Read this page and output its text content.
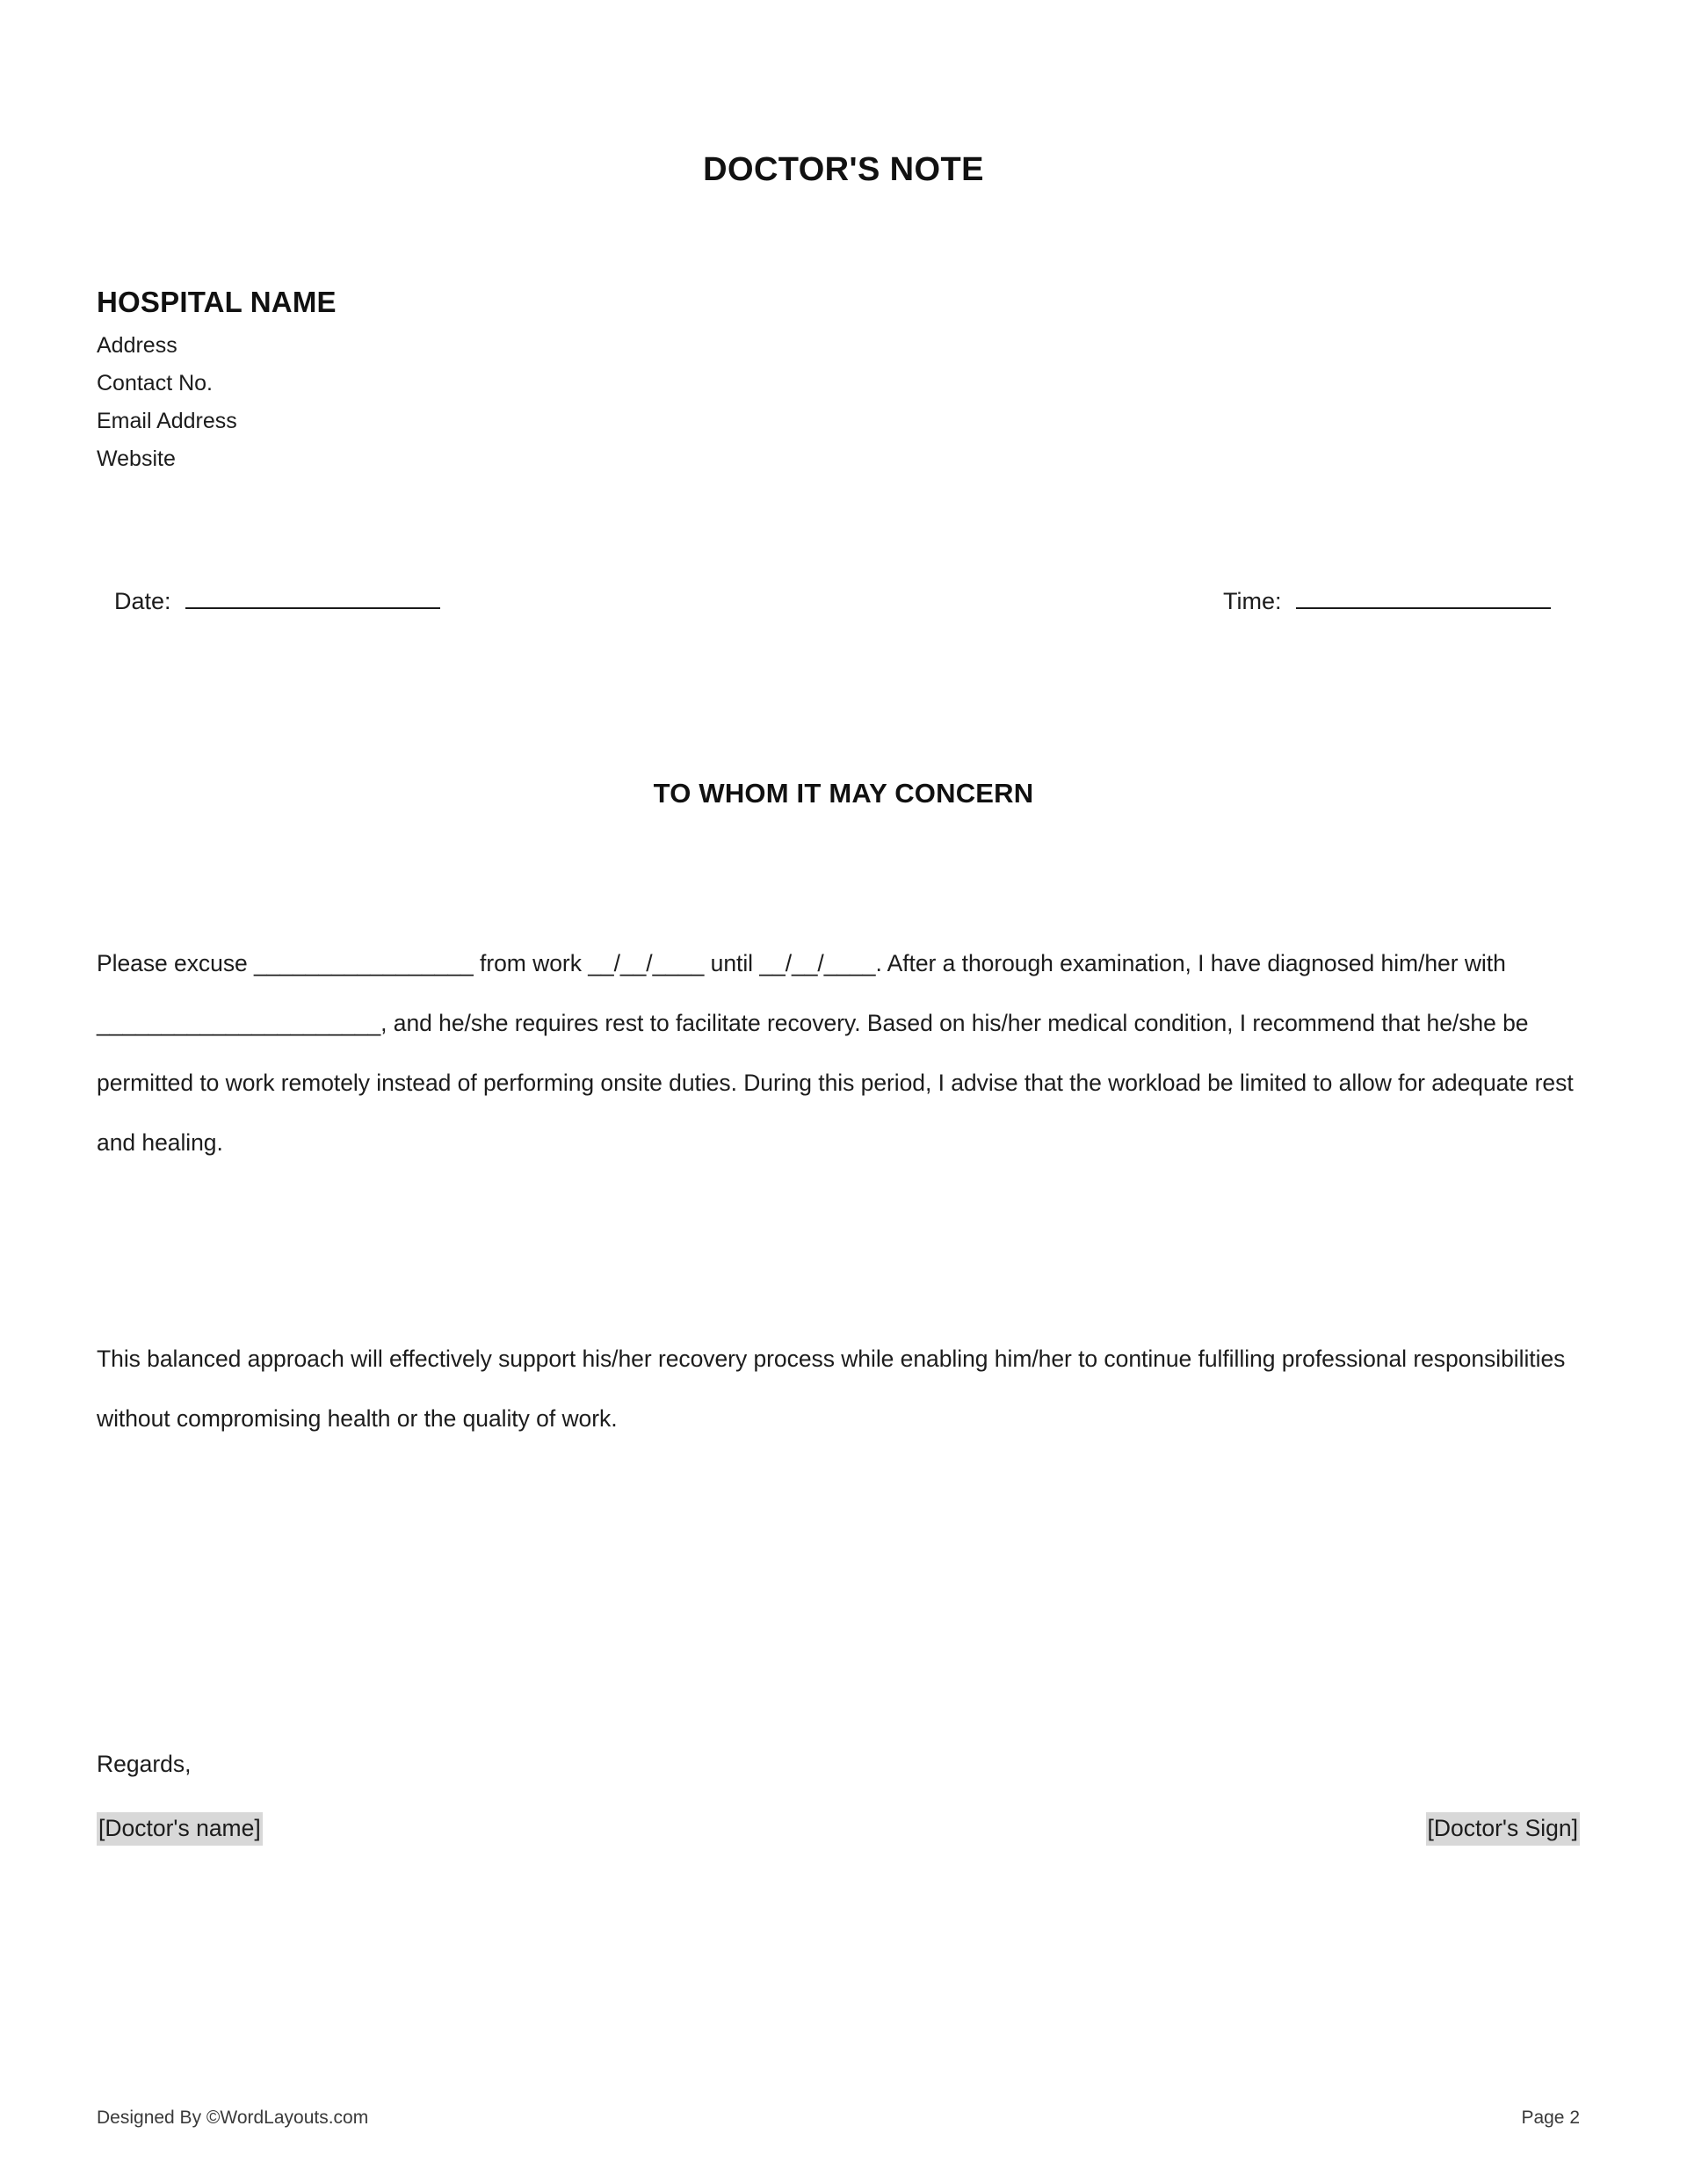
DOCTOR'S NOTE
HOSPITAL NAME
Address
Contact No.
Email Address
Website
Date:	Time:
TO WHOM IT MAY CONCERN

Please excuse _________________ from work __/__/____ until __/__/____. After a thorough examination, I have diagnosed him/her with ______________________, and he/she requires rest to facilitate recovery. Based on his/her medical condition, I recommend that he/she be permitted to work remotely instead of performing onsite duties. During this period, I advise that the workload be limited to allow for adequate rest and healing.

This balanced approach will effectively support his/her recovery process while enabling him/her to continue fulfilling professional responsibilities without compromising health or the quality of work.

Regards,
[Doctor's name]	[Doctor's Sign]
Designed By ©WordLayouts.com	Page 2
